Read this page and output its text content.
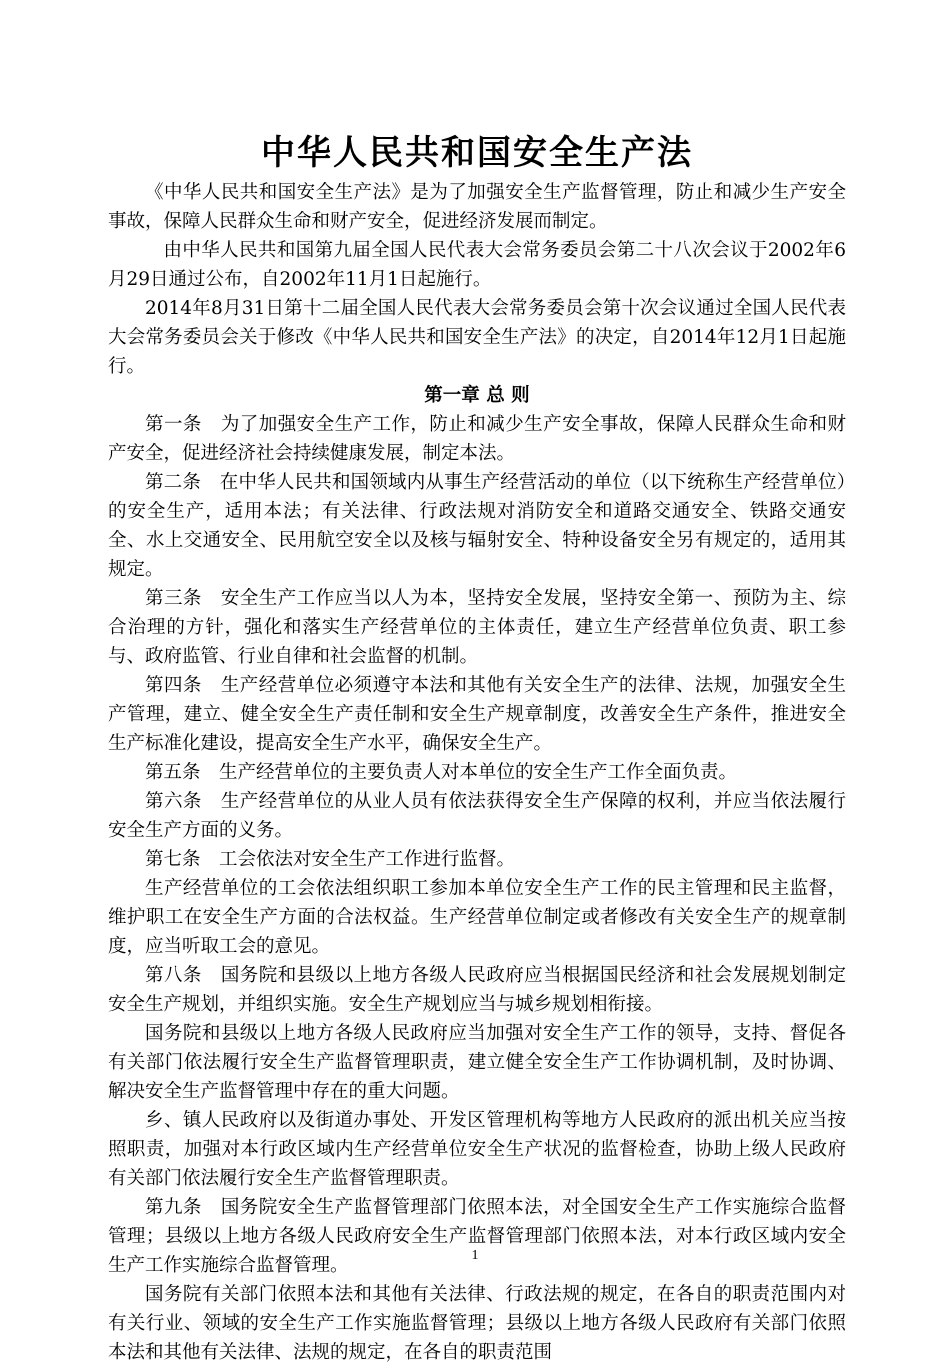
中华人民共和国安全生产法

《中华人民共和国安全生产法》是为了加强安全生产监督管理，防止和减少生产安全事故，保障人民群众生命和财产安全，促进经济发展而制定。

由中华人民共和国第九届全国人民代表大会常务委员会第二十八次会议于2002年6月29日通过公布，自2002年11月1日起施行。

2014年8月31日第十二届全国人民代表大会常务委员会第十次会议通过全国人民代表大会常务委员会关于修改《中华人民共和国安全生产法》的决定，自2014年12月1日起施行。

第一章 总 则

第一条　为了加强安全生产工作，防止和减少生产安全事故，保障人民群众生命和财产安全，促进经济社会持续健康发展，制定本法。

第二条　在中华人民共和国领域内从事生产经营活动的单位（以下统称生产经营单位）的安全生产，适用本法；有关法律、行政法规对消防安全和道路交通安全、铁路交通安全、水上交通安全、民用航空安全以及核与辐射安全、特种设备安全另有规定的，适用其规定。

第三条　安全生产工作应当以人为本，坚持安全发展，坚持安全第一、预防为主、综合治理的方针，强化和落实生产经营单位的主体责任，建立生产经营单位负责、职工参与、政府监管、行业自律和社会监督的机制。

第四条　生产经营单位必须遵守本法和其他有关安全生产的法律、法规，加强安全生产管理，建立、健全安全生产责任制和安全生产规章制度，改善安全生产条件，推进安全生产标准化建设，提高安全生产水平，确保安全生产。

第五条　生产经营单位的主要负责人对本单位的安全生产工作全面负责。

第六条　生产经营单位的从业人员有依法获得安全生产保障的权利，并应当依法履行安全生产方面的义务。

第七条　工会依法对安全生产工作进行监督。

生产经营单位的工会依法组织职工参加本单位安全生产工作的民主管理和民主监督，维护职工在安全生产方面的合法权益。生产经营单位制定或者修改有关安全生产的规章制度，应当听取工会的意见。

第八条　国务院和县级以上地方各级人民政府应当根据国民经济和社会发展规划制定安全生产规划，并组织实施。安全生产规划应当与城乡规划相衔接。

国务院和县级以上地方各级人民政府应当加强对安全生产工作的领导，支持、督促各有关部门依法履行安全生产监督管理职责，建立健全安全生产工作协调机制，及时协调、解决安全生产监督管理中存在的重大问题。

乡、镇人民政府以及街道办事处、开发区管理机构等地方人民政府的派出机关应当按照职责，加强对本行政区域内生产经营单位安全生产状况的监督检查，协助上级人民政府有关部门依法履行安全生产监督管理职责。

第九条　国务院安全生产监督管理部门依照本法，对全国安全生产工作实施综合监督管理；县级以上地方各级人民政府安全生产监督管理部门依照本法，对本行政区域内安全生产工作实施综合监督管理。

国务院有关部门依照本法和其他有关法律、行政法规的规定，在各自的职责范围内对有关行业、领域的安全生产工作实施监督管理；县级以上地方各级人民政府有关部门依照本法和其他有关法律、法规的规定，在各自的职责范围

1
